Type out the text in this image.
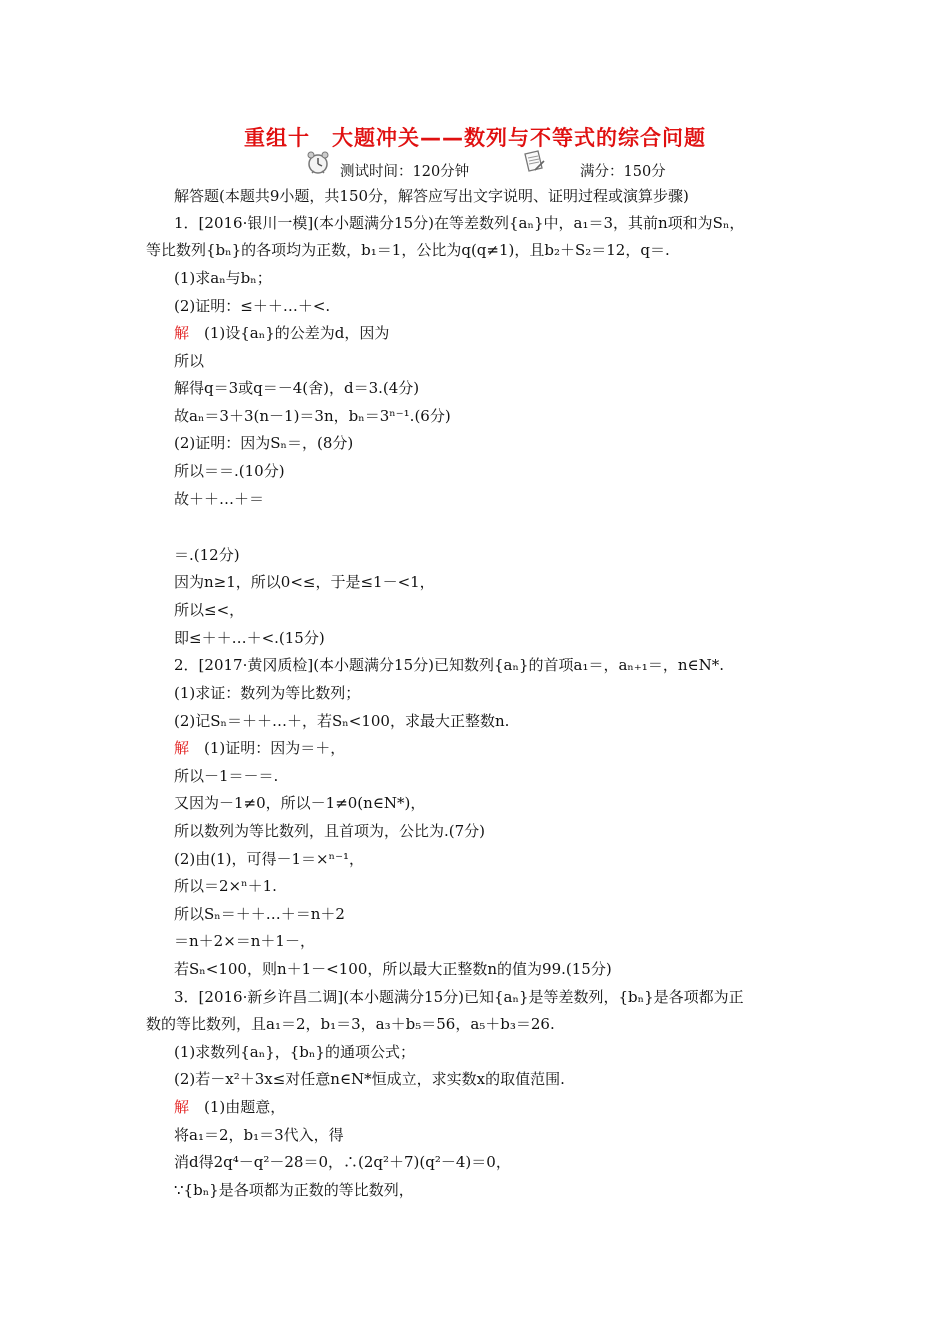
重组十　大题冲关——数列与不等式的综合问题
测试时间：120分钟	满分：150分
解答题(本题共9小题，共150分，解答应写出文字说明、证明过程或演算步骤)
1．[2016·银川一模](本小题满分15分)在等差数列{aₙ}中，a₁＝3，其前n项和为Sₙ，
等比数列{bₙ}的各项均为正数，b₁＝1，公比为q(q≠1)，且b₂＋S₂＝12，q＝.
(1)求aₙ与bₙ；
(2)证明：≤＋＋…＋<.
解　(1)设{aₙ}的公差为d，因为
所以
解得q＝3或q＝－4(舍)，d＝3.(4分)
故aₙ＝3＋3(n－1)＝3n，bₙ＝3ⁿ⁻¹.(6分)
(2)证明：因为Sₙ＝，(8分)
所以＝＝.(10分)
故＋＋…＋＝
＝.(12分)
因为n≥1，所以0<≤，于是≤1－<1，
所以≤<，
即≤＋＋…＋<.(15分)
2．[2017·黄冈质检](本小题满分15分)已知数列{aₙ}的首项a₁＝，aₙ₊₁＝，n∈N*.
(1)求证：数列为等比数列；
(2)记Sₙ＝＋＋…＋，若Sₙ<100，求最大正整数n.
解　(1)证明：因为＝＋，
所以－1＝－＝.
又因为－1≠0，所以－1≠0(n∈N*)，
所以数列为等比数列，且首项为，公比为.(7分)
(2)由(1)，可得－1＝×ⁿ⁻¹，
所以＝2×ⁿ＋1.
所以Sₙ＝＋＋…＋＝n＋2
＝n＋2×＝n＋1－，
若Sₙ<100，则n＋1－<100，所以最大正整数n的值为99.(15分)
3．[2016·新乡许昌二调](本小题满分15分)已知{aₙ}是等差数列，{bₙ}是各项都为正
数的等比数列，且a₁＝2，b₁＝3，a₃＋b₅＝56，a₅＋b₃＝26.
(1)求数列{aₙ}，{bₙ}的通项公式；
(2)若－x²＋3x≤对任意n∈N*恒成立，求实数x的取值范围.
解　(1)由题意，
将a₁＝2，b₁＝3代入，得
消d得2q⁴－q²－28＝0，∴(2q²＋7)(q²－4)＝0，
∵{bₙ}是各项都为正数的等比数列，
